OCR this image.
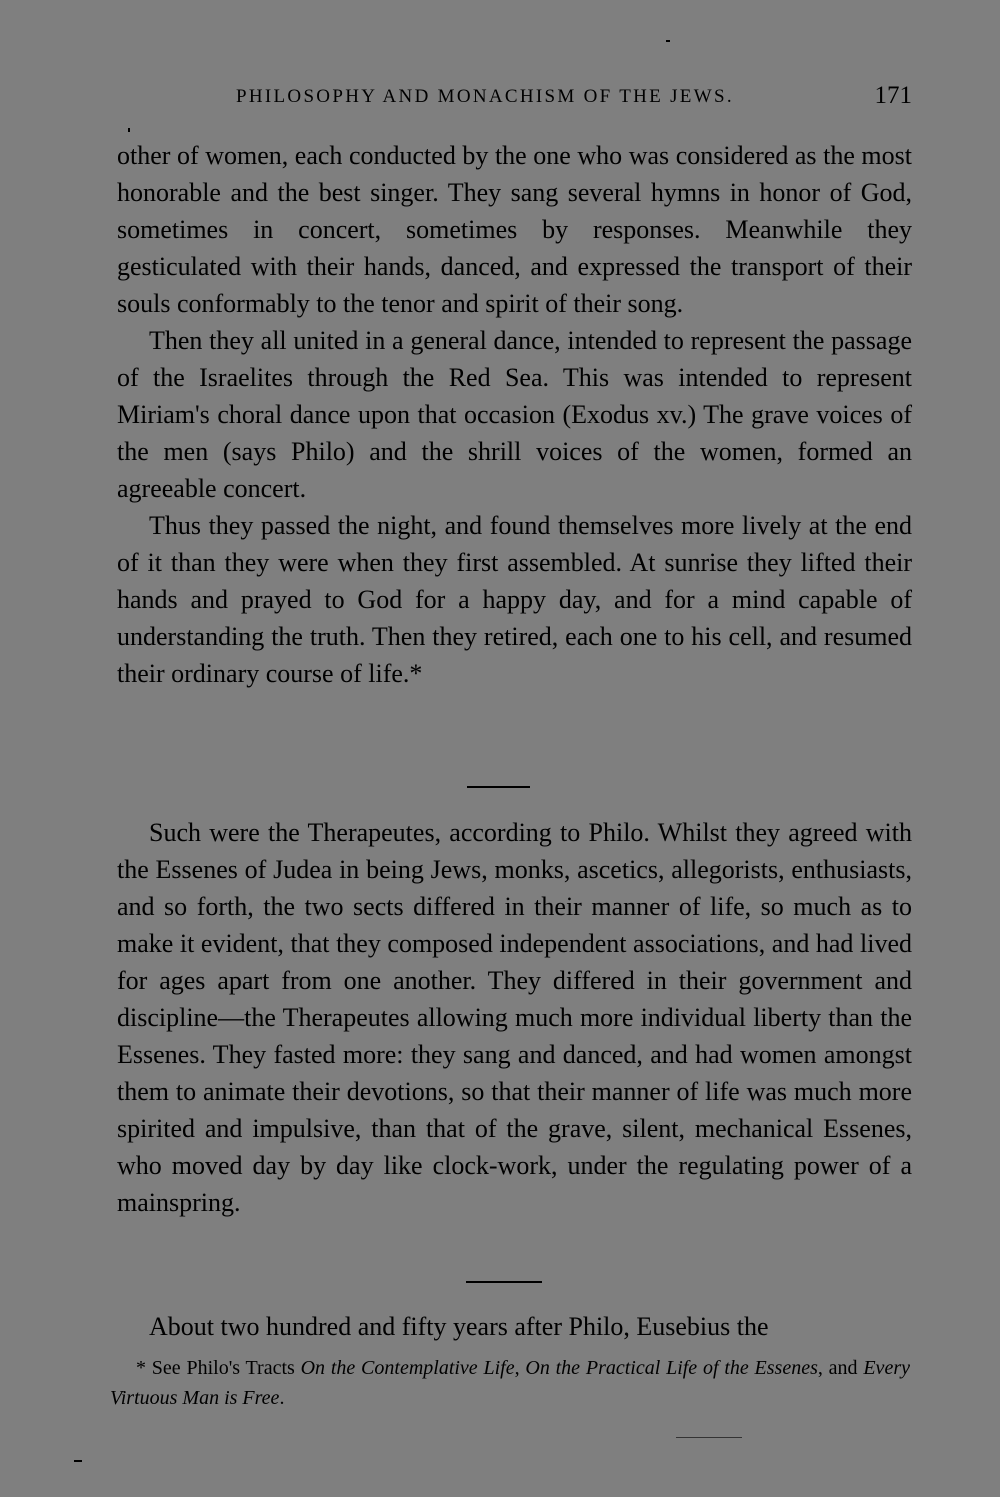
PHILOSOPHY AND MONACHISM OF THE JEWS.	171

other of women, each conducted by the one who was considered as the most honorable and the best singer. They sang several hymns in honor of God, sometimes in concert, sometimes by responses. Meanwhile they gesticulated with their hands, danced, and expressed the transport of their souls conformably to the tenor and spirit of their song.

Then they all united in a general dance, intended to represent the passage of the Israelites through the Red Sea. This was intended to represent Miriam's choral dance upon that occasion (Exodus xv.) The grave voices of the men (says Philo) and the shrill voices of the women, formed an agreeable concert.

Thus they passed the night, and found themselves more lively at the end of it than they were when they first assembled. At sunrise they lifted their hands and prayed to God for a happy day, and for a mind capable of understanding the truth. Then they retired, each one to his cell, and resumed their ordinary course of life.*

Such were the Therapeutes, according to Philo. Whilst they agreed with the Essenes of Judea in being Jews, monks, ascetics, allegorists, enthusiasts, and so forth, the two sects differed in their manner of life, so much as to make it evident, that they composed independent associations, and had lived for ages apart from one another. They differed in their government and discipline—the Therapeutes allowing much more individual liberty than the Essenes. They fasted more: they sang and danced, and had women amongst them to animate their devotions, so that their manner of life was much more spirited and impulsive, than that of the grave, silent, mechanical Essenes, who moved day by day like clock-work, under the regulating power of a mainspring.

About two hundred and fifty years after Philo, Eusebius the

* See Philo's Tracts On the Contemplative Life, On the Practical Life of the Essenes, and Every Virtuous Man is Free.
